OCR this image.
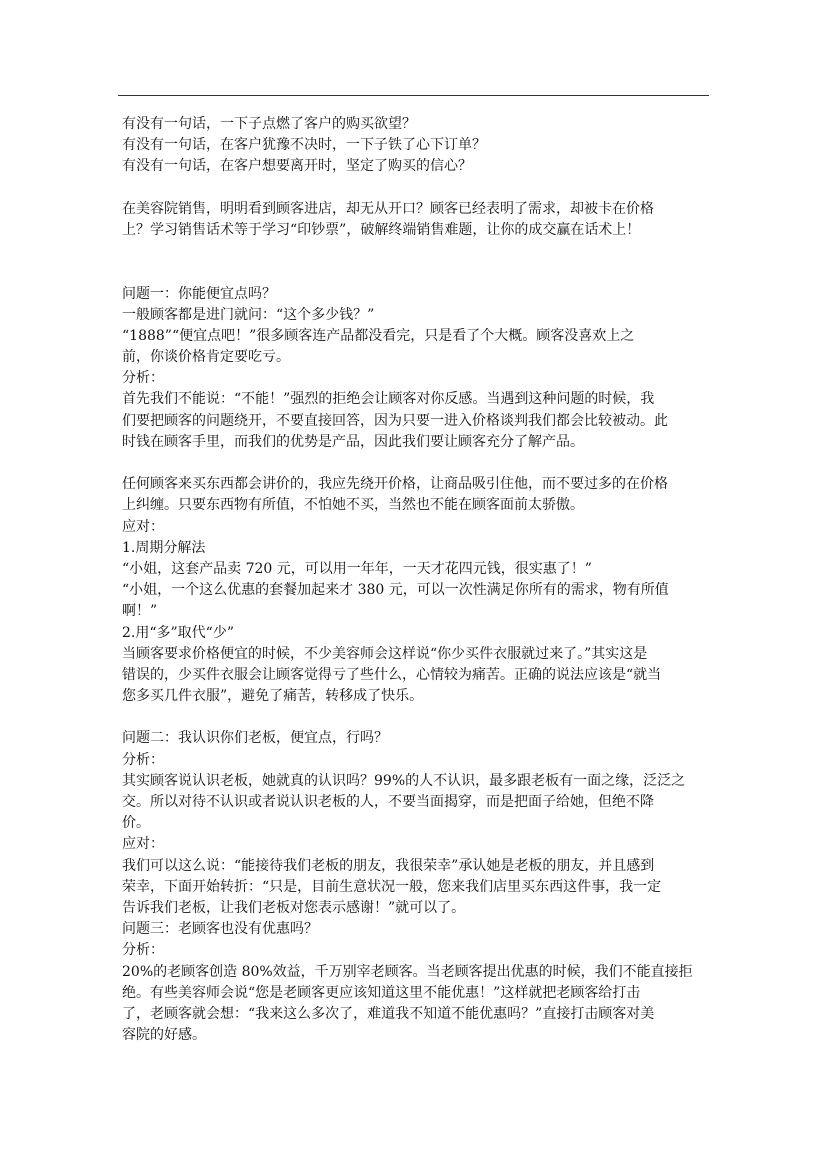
有没有一句话，一下子点燃了客户的购买欲望？
有没有一句话，在客户犹豫不决时，一下子铁了心下订单？
有没有一句话，在客户想要离开时，坚定了购买的信心？
在美容院销售，明明看到顾客进店，却无从开口？顾客已经表明了需求，却被卡在价格
上？学习销售话术等于学习“印钞票”，破解终端销售难题，让你的成交赢在话术上！
问题一：你能便宜点吗？
一般顾客都是进门就问：“这个多少钱？”
“1888”“便宜点吧！”很多顾客连产品都没看完，只是看了个大概。顾客没喜欢上之
前，你谈价格肯定要吃亏。
分析：
首先我们不能说：“不能！”强烈的拒绝会让顾客对你反感。当遇到这种问题的时候，我
们要把顾客的问题绕开，不要直接回答，因为只要一进入价格谈判我们都会比较被动。此
时钱在顾客手里，而我们的优势是产品，因此我们要让顾客充分了解产品。
任何顾客来买东西都会讲价的，我应先绕开价格，让商品吸引住他，而不要过多的在价格
上纠缠。只要东西物有所值，不怕她不买，当然也不能在顾客面前太骄傲。
应对：
1.周期分解法
“小姐，这套产品卖 720 元，可以用一年年，一天才花四元钱，很实惠了！”
“小姐，一个这么优惠的套餐加起来才 380 元，可以一次性满足你所有的需求，物有所值
啊！”
2.用“多”取代“少”
当顾客要求价格便宜的时候，不少美容师会这样说“你少买件衣服就过来了。”其实这是
错误的，少买件衣服会让顾客觉得亏了些什么，心情较为痛苦。正确的说法应该是“就当
您多买几件衣服”，避免了痛苦，转移成了快乐。
问题二：我认识你们老板，便宜点，行吗？
分析：
其实顾客说认识老板，她就真的认识吗？99%的人不认识，最多跟老板有一面之缘，泛泛之
交。所以对待不认识或者说认识老板的人，不要当面揭穿，而是把面子给她，但绝不降
价。
应对：
我们可以这么说：“能接待我们老板的朋友，我很荣幸”承认她是老板的朋友，并且感到
荣幸，下面开始转折：“只是，目前生意状况一般，您来我们店里买东西这件事，我一定
告诉我们老板，让我们老板对您表示感谢！”就可以了。
问题三：老顾客也没有优惠吗？
分析：
20%的老顾客创造 80%效益，千万别宰老顾客。当老顾客提出优惠的时候，我们不能直接拒
绝。有些美容师会说“您是老顾客更应该知道这里不能优惠！”这样就把老顾客给打击
了，老顾客就会想：“我来这么多次了，难道我不知道不能优惠吗？”直接打击顾客对美
容院的好感。
